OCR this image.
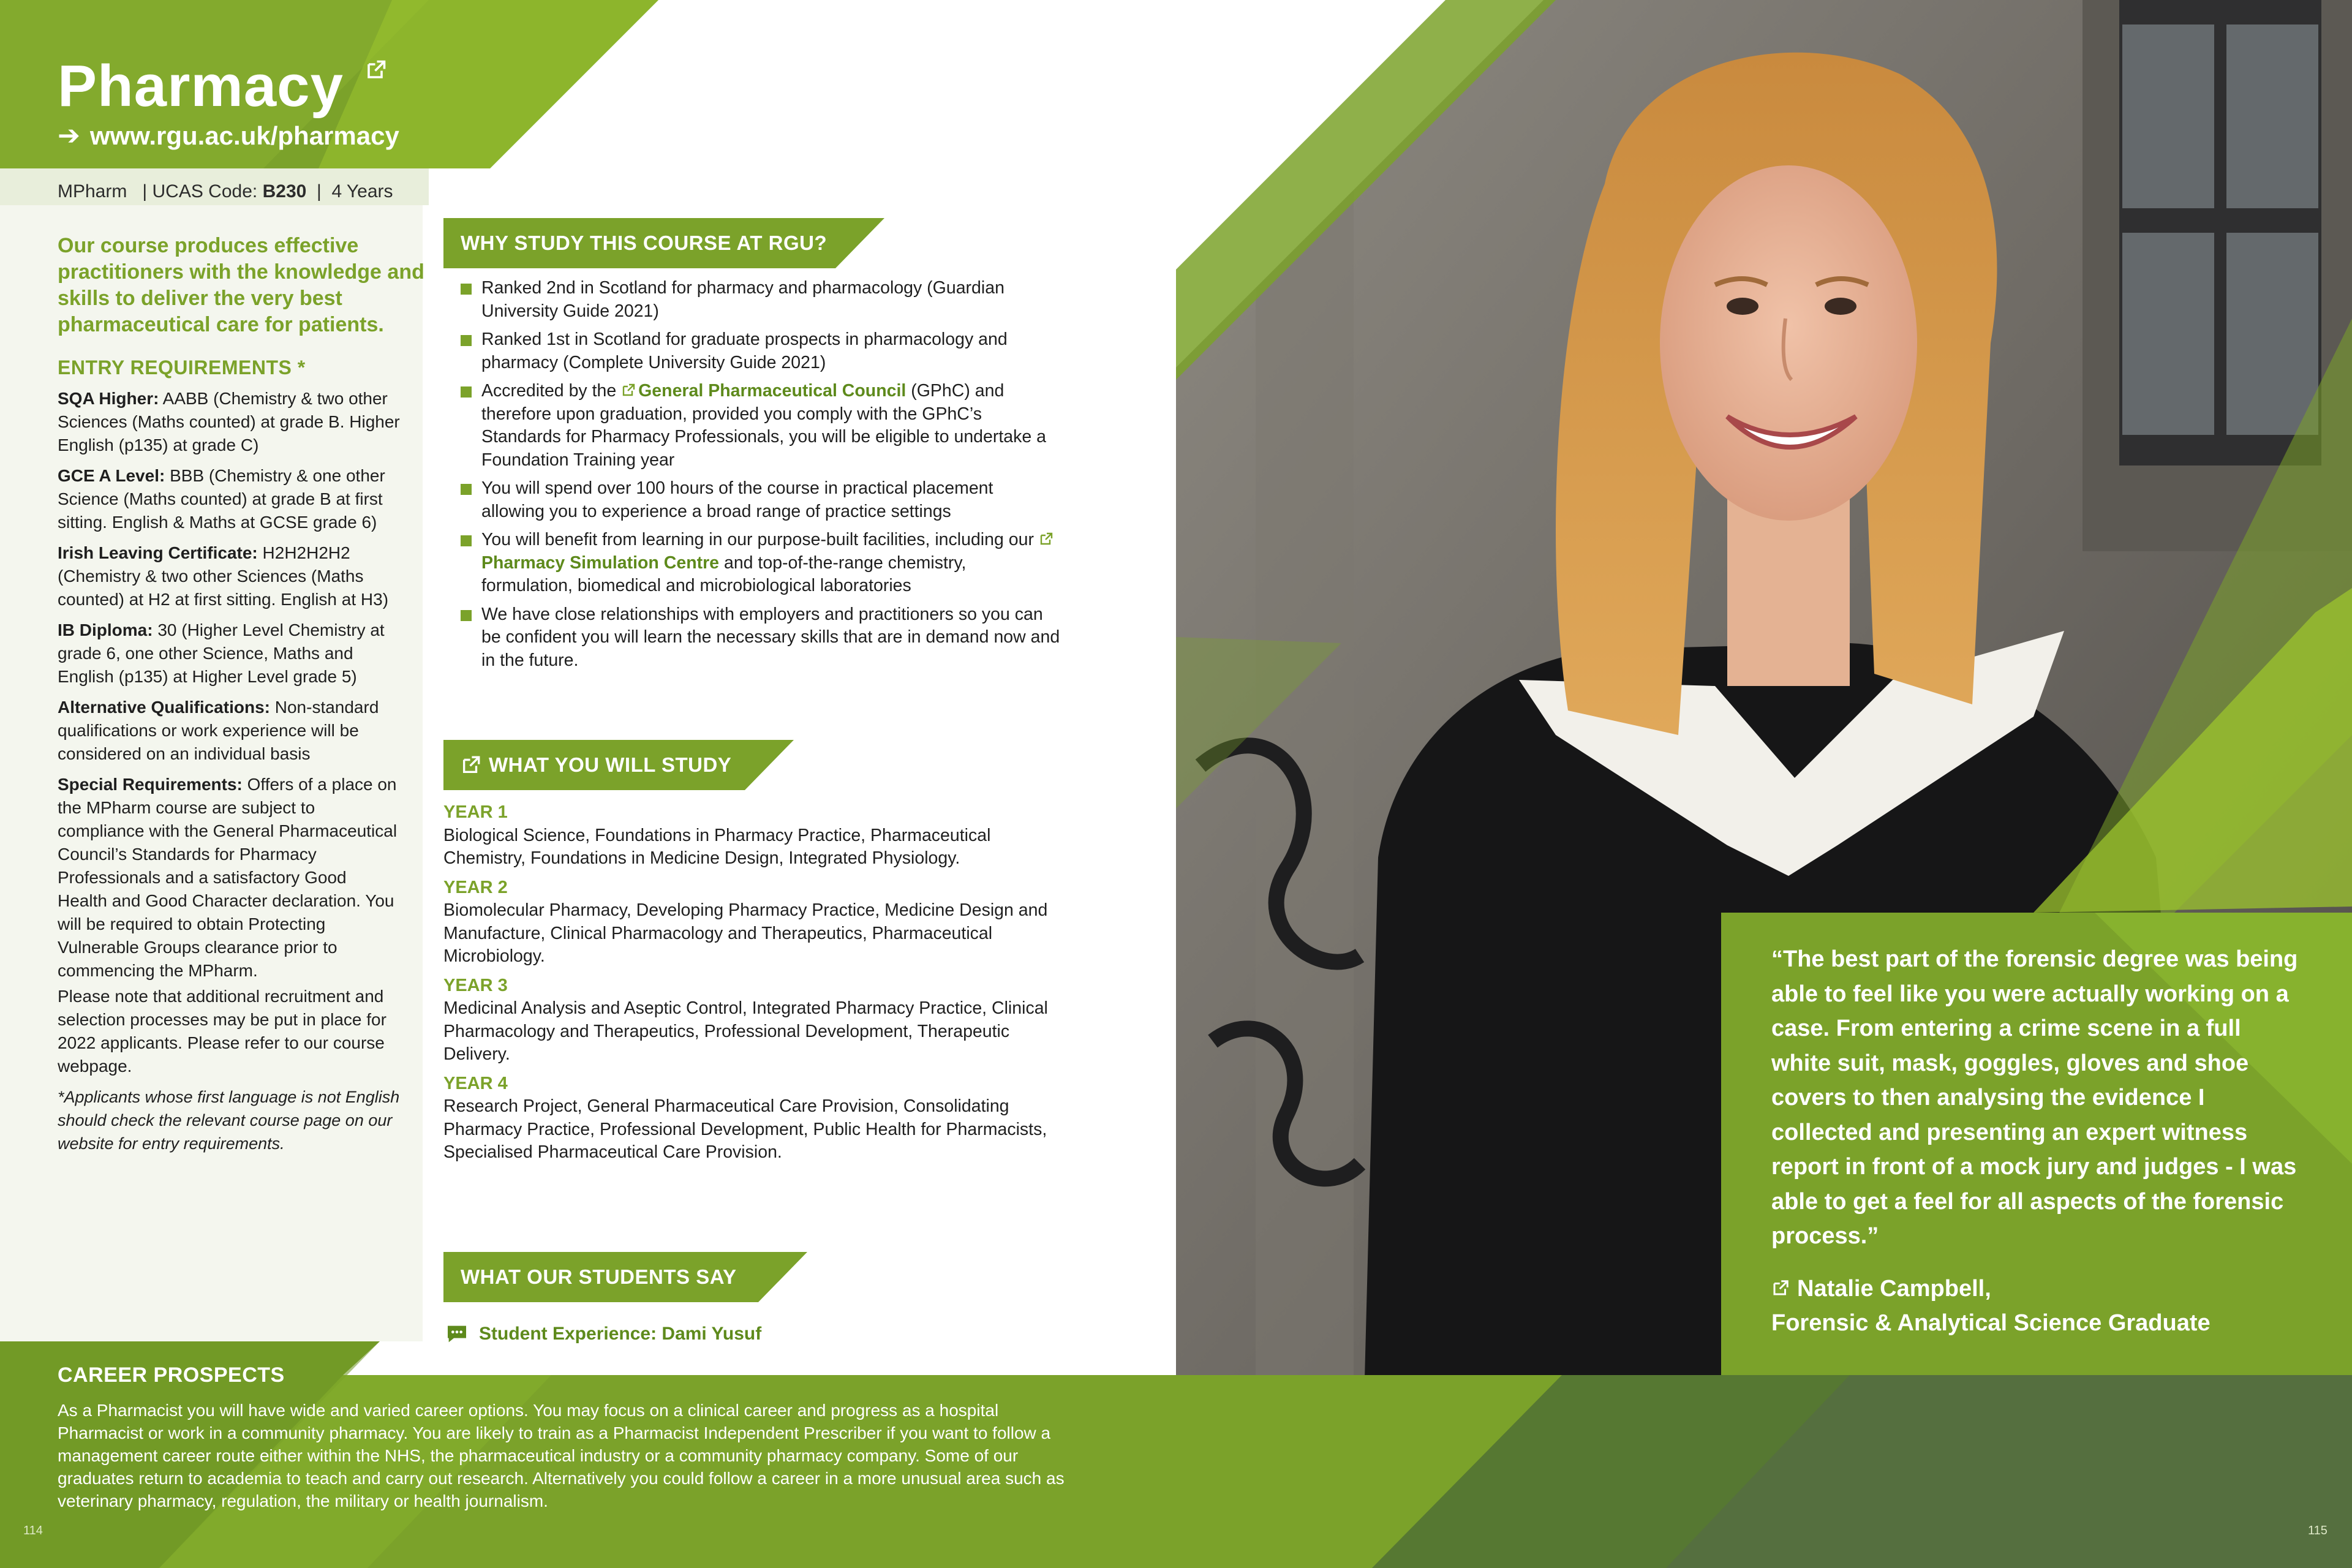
Pharmacy
➔ www.rgu.ac.uk/pharmacy
MPharm   | UCAS Code: B230  |  4 Years
Our course produces effective practitioners with the knowledge and skills to deliver the very best pharmaceutical care for patients.
ENTRY REQUIREMENTS *

SQA Higher: AABB (Chemistry & two other Sciences (Maths counted) at grade B. Higher English (p135) at grade C)

GCE A Level: BBB (Chemistry & one other Science (Maths counted) at grade B at first sitting. English & Maths at GCSE grade 6)

Irish Leaving Certificate: H2H2H2H2 (Chemistry & two other Sciences (Maths counted) at H2 at first sitting. English at H3)

IB Diploma: 30 (Higher Level Chemistry at grade 6, one other Science, Maths and English (p135) at Higher Level grade 5)

Alternative Qualifications: Non-standard qualifications or work experience will be considered on an individual basis

Special Requirements: Offers of a place on the MPharm course are subject to compliance with the General Pharmaceutical Council’s Standards for Pharmacy Professionals and a satisfactory Good Health and Good Character declaration. You will be required to obtain Protecting Vulnerable Groups clearance prior to commencing the MPharm.

Please note that additional recruitment and selection processes may be put in place for 2022 applicants. Please refer to our course webpage.

*Applicants whose first language is not English should check the relevant course page on our website for entry requirements.

WHY STUDY THIS COURSE AT RGU?
Ranked 2nd in Scotland for pharmacy and pharmacology (Guardian University Guide 2021)
Ranked 1st in Scotland for graduate prospects in pharmacology and pharmacy (Complete University Guide 2021)
Accredited by the General Pharmaceutical Council (GPhC) and therefore upon graduation, provided you comply with the GPhC’s Standards for Pharmacy Professionals, you will be eligible to undertake a Foundation Training year
You will spend over 100 hours of the course in practical placement allowing you to experience a broad range of practice settings
You will benefit from learning in our purpose-built facilities, including our Pharmacy Simulation Centre and top-of-the-range chemistry, formulation, biomedical and microbiological laboratories
We have close relationships with employers and practitioners so you can be confident you will learn the necessary skills that are in demand now and in the future.
WHAT YOU WILL STUDY
YEAR 1
Biological Science, Foundations in Pharmacy Practice, Pharmaceutical Chemistry, Foundations in Medicine Design, Integrated Physiology.
YEAR 2
Biomolecular Pharmacy, Developing Pharmacy Practice, Medicine Design and Manufacture, Clinical Pharmacology and Therapeutics, Pharmaceutical Microbiology.
YEAR 3
Medicinal Analysis and Aseptic Control, Integrated Pharmacy Practice, Clinical Pharmacology and Therapeutics, Professional Development, Therapeutic Delivery.
YEAR 4
Research Project, General Pharmaceutical Care Provision, Consolidating Pharmacy Practice, Professional Development, Public Health for Pharmacists, Specialised Pharmaceutical Care Provision.
WHAT OUR STUDENTS SAY
Student Experience: Dami Yusuf
CAREER PROSPECTS
As a Pharmacist you will have wide and varied career options. You may focus on a clinical career and progress as a hospital Pharmacist or work in a community pharmacy. You are likely to train as a Pharmacist Independent Prescriber if you want to follow a management career route either within the NHS, the pharmaceutical industry or a community pharmacy company. Some of our graduates return to academia to teach and carry out research. Alternatively you could follow a career in a more unusual area such as veterinary pharmacy, regulation, the military or health journalism.
114
“The best part of the forensic degree was being able to feel like you were actually working on a case. From entering a crime scene in a full white suit, mask, goggles, gloves and shoe covers to then analysing the evidence I collected and presenting an expert witness report in front of a mock jury and judges - I was able to get a feel for all aspects of the forensic process.”
Natalie Campbell,
Forensic & Analytical Science Graduate
115
